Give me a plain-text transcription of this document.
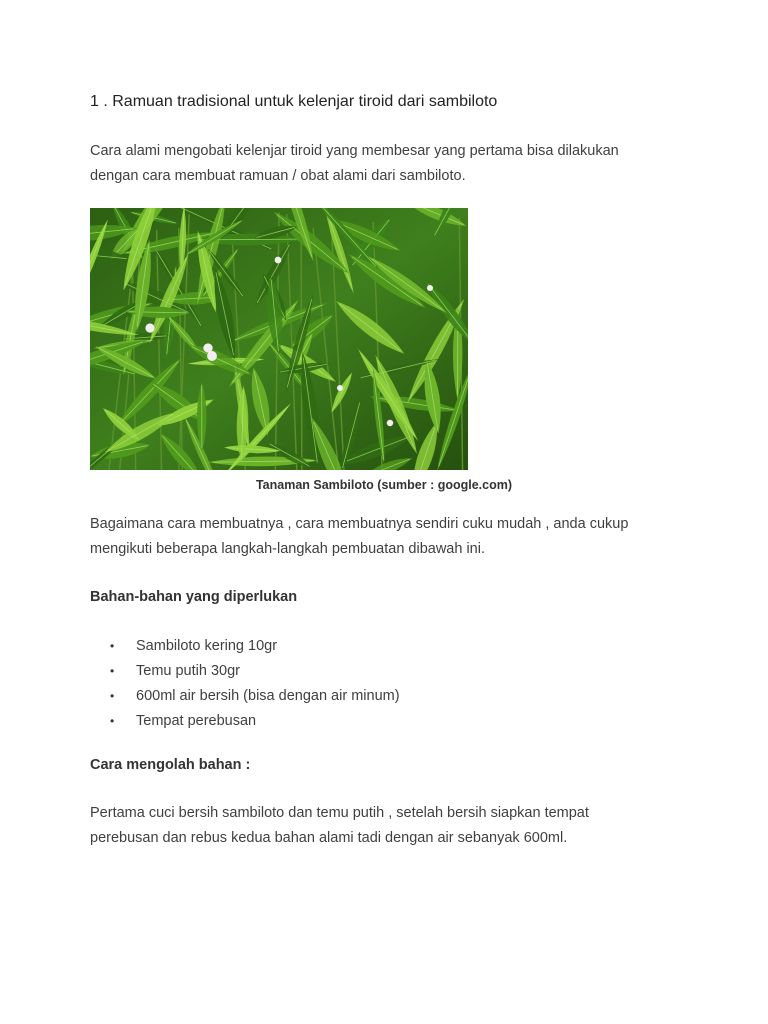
1 . Ramuan tradisional untuk kelenjar tiroid dari sambiloto

Cara alami mengobati kelenjar tiroid yang membesar yang pertama bisa dilakukan
dengan cara membuat ramuan / obat alami dari sambiloto.

Tanaman Sambiloto (sumber : google.com)

Bagaimana cara membuatnya , cara membuatnya sendiri cuku mudah , anda cukup
mengikuti beberapa langkah-langkah pembuatan dibawah ini.

Bahan-bahan yang diperlukan

• Sambiloto kering 10gr
• Temu putih 30gr
• 600ml air bersih (bisa dengan air minum)
• Tempat perebusan

Cara mengolah bahan :

Pertama cuci bersih sambiloto dan temu putih , setelah bersih siapkan tempat
perebusan dan rebus kedua bahan alami tadi dengan air sebanyak 600ml.
